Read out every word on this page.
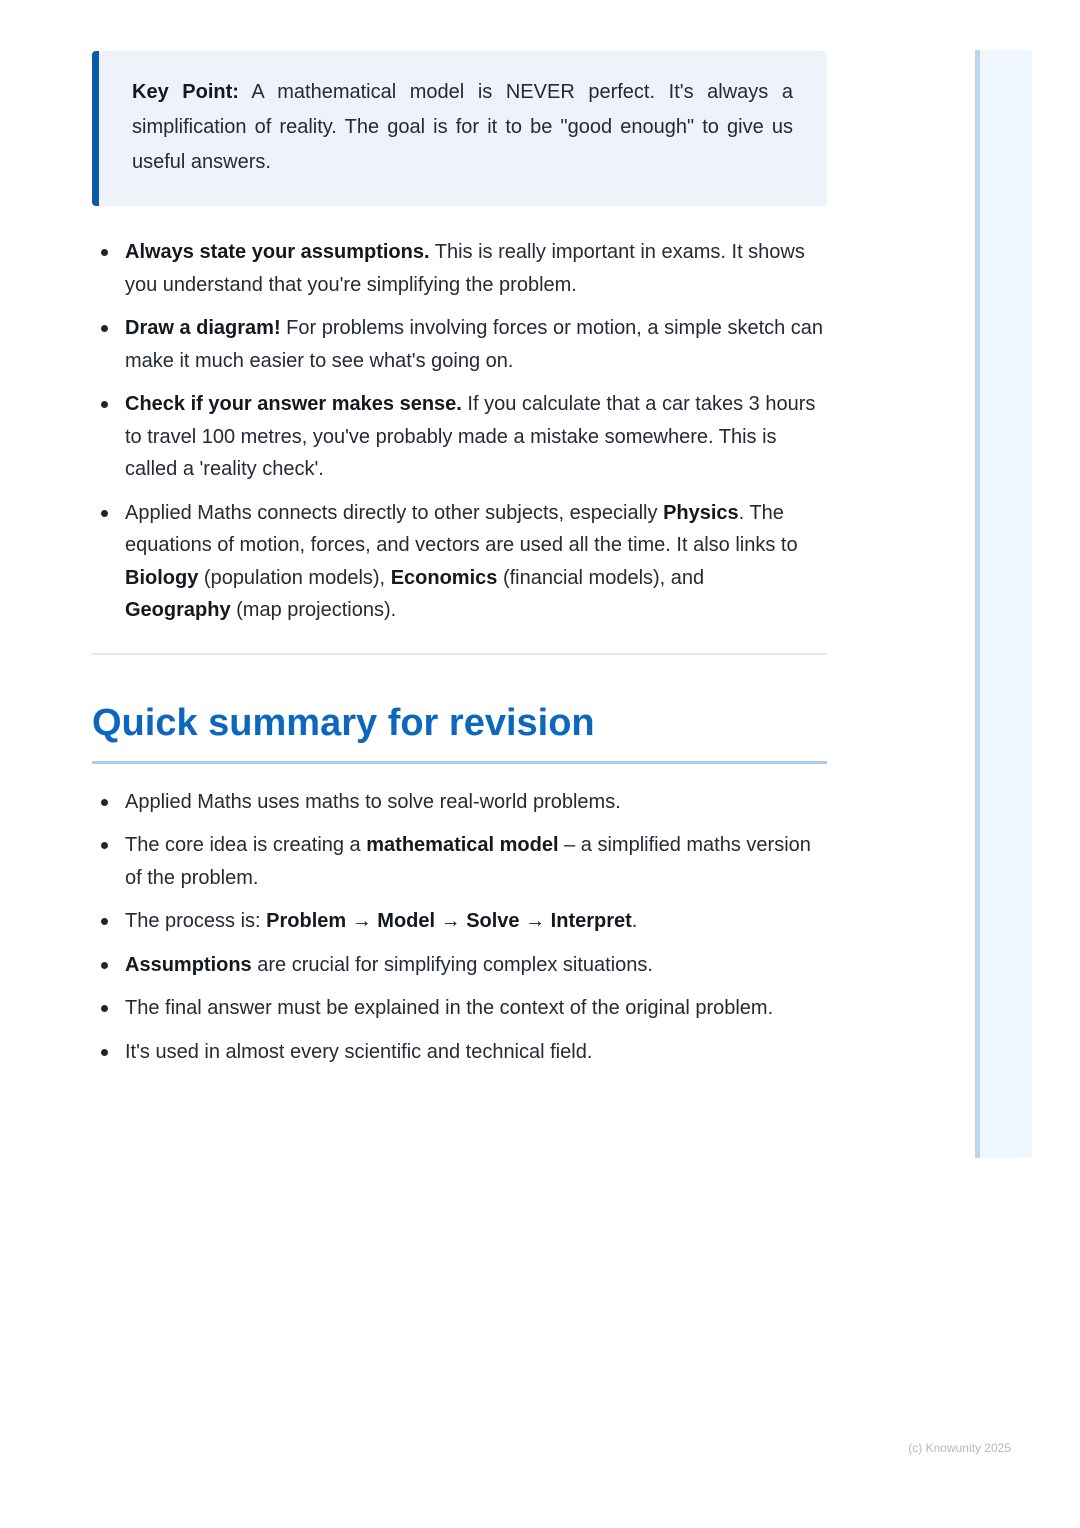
Key Point: A mathematical model is NEVER perfect. It's always a simplification of reality. The goal is for it to be "good enough" to give us useful answers.
Always state your assumptions. This is really important in exams. It shows you understand that you're simplifying the problem.
Draw a diagram! For problems involving forces or motion, a simple sketch can make it much easier to see what's going on.
Check if your answer makes sense. If you calculate that a car takes 3 hours to travel 100 metres, you've probably made a mistake somewhere. This is called a 'reality check'.
Applied Maths connects directly to other subjects, especially Physics. The equations of motion, forces, and vectors are used all the time. It also links to Biology (population models), Economics (financial models), and
Geography (map projections).
Quick summary for revision
Applied Maths uses maths to solve real-world problems.
The core idea is creating a mathematical model – a simplified maths version of the problem.
The process is: Problem → Model → Solve → Interpret.
Assumptions are crucial for simplifying complex situations.
The final answer must be explained in the context of the original problem.
It's used in almost every scientific and technical field.
(c) Knowunity 2025
